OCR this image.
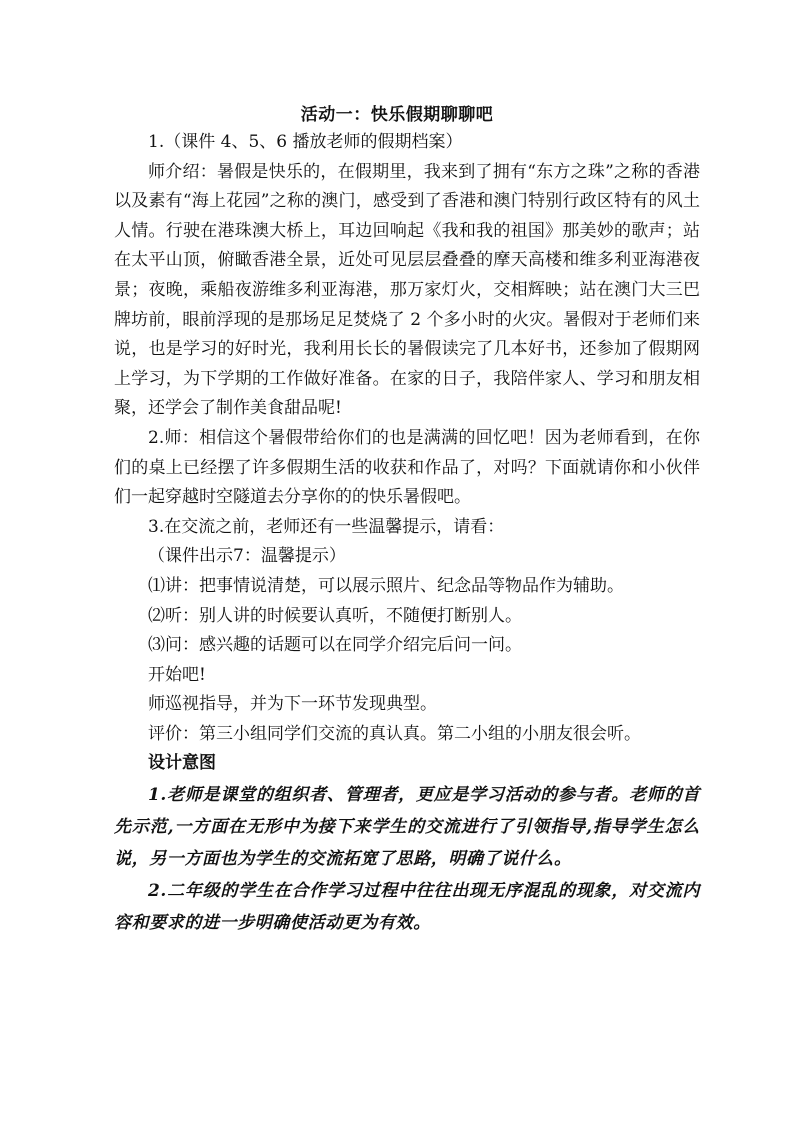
活动一：快乐假期聊聊吧

1.（课件 4、5、6 播放老师的假期档案）

师介绍：暑假是快乐的，在假期里，我来到了拥有“东方之珠”之称的香港以及素有“海上花园”之称的澳门，感受到了香港和澳门特别行政区特有的风土人情。行驶在港珠澳大桥上，耳边回响起《我和我的祖国》那美妙的歌声；站在太平山顶，俯瞰香港全景，近处可见层层叠叠的摩天高楼和维多利亚海港夜景；夜晚，乘船夜游维多利亚海港，那万家灯火，交相辉映；站在澳门大三巴牌坊前，眼前浮现的是那场足足焚烧了 2 个多小时的火灾。暑假对于老师们来说，也是学习的好时光，我利用长长的暑假读完了几本好书，还参加了假期网上学习，为下学期的工作做好准备。在家的日子，我陪伴家人、学习和朋友相聚，还学会了制作美食甜品呢!

2.师：相信这个暑假带给你们的也是满满的回忆吧！因为老师看到，在你们的桌上已经摆了许多假期生活的收获和作品了，对吗？下面就请你和小伙伴们一起穿越时空隧道去分享你的的快乐暑假吧。

3.在交流之前，老师还有一些温馨提示，请看：

（课件出示7：温馨提示）

⑴讲：把事情说清楚，可以展示照片、纪念品等物品作为辅助。

⑵听：别人讲的时候要认真听，不随便打断别人。

⑶问：感兴趣的话题可以在同学介绍完后问一问。

开始吧!

师巡视指导，并为下一环节发现典型。

评价：第三小组同学们交流的真认真。第二小组的小朋友很会听。

设计意图

1.老师是课堂的组织者、管理者，更应是学习活动的参与者。老师的首先示范,一方面在无形中为接下来学生的交流进行了引领指导,指导学生怎么说，另一方面也为学生的交流拓宽了思路，明确了说什么。

2.二年级的学生在合作学习过程中往往出现无序混乱的现象，对交流内容和要求的进一步明确使活动更为有效。
